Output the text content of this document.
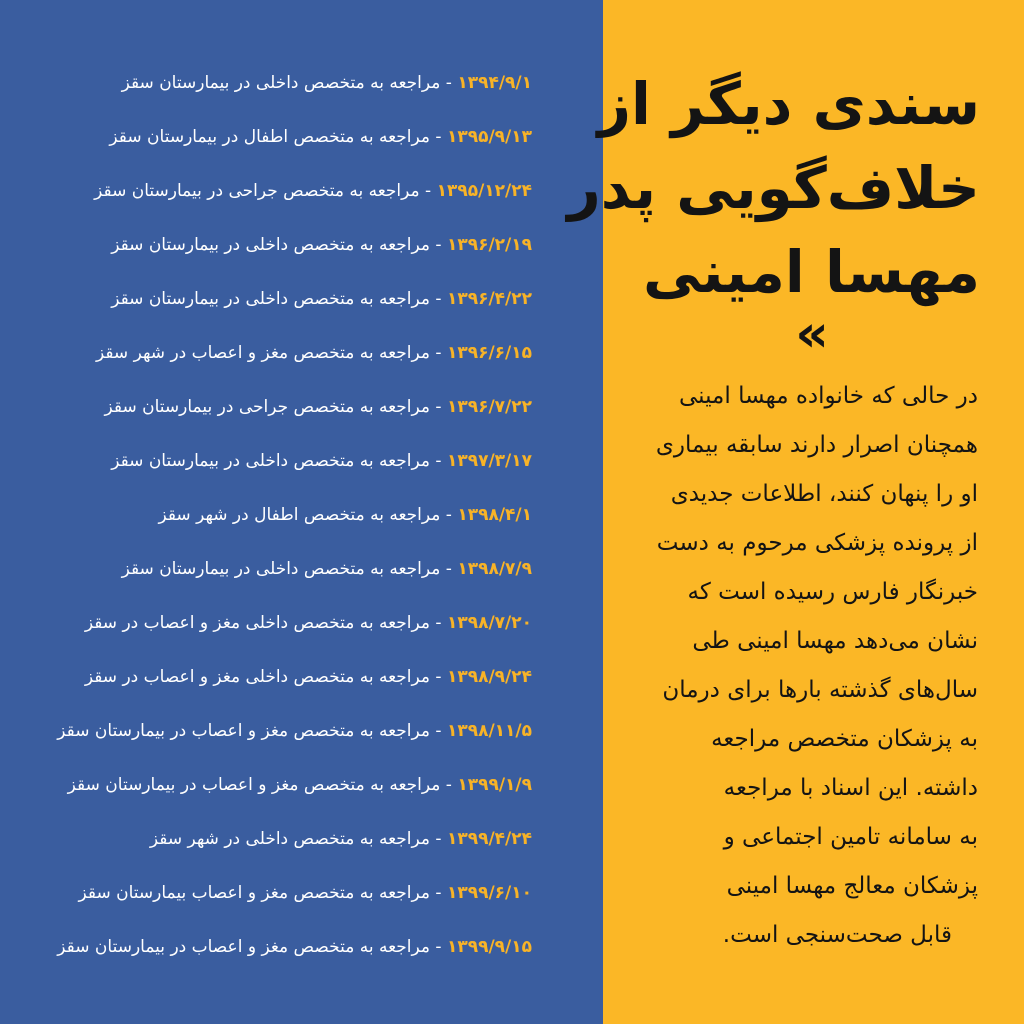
سندی دیگر از
خلاف‌گویی پدر
مهسا امینی
«
در حالی که خانواده مهسا امینی
همچنان اصرار دارند سابقه بیماری
او را پنهان کنند، اطلاعات جدیدی
از پرونده پزشکی مرحوم به دست
خبرنگار فارس رسیده است که
نشان می‌دهد مهسا امینی طی
سال‌های گذشته بارها برای درمان
به پزشکان متخصص مراجعه
داشته. این اسناد با مراجعه
به سامانه تامین اجتماعی و
پزشکان معالج مهسا امینی
قابل صحت‌سنجی است.
۱۳۹۴/۹/۱ - مراجعه به متخصص داخلی در بیمارستان سقز
۱۳۹۵/۹/۱۳ - مراجعه به متخصص اطفال در بیمارستان سقز
۱۳۹۵/۱۲/۲۴ - مراجعه به متخصص جراحی در بیمارستان سقز
۱۳۹۶/۲/۱۹ - مراجعه به متخصص داخلی در بیمارستان سقز
۱۳۹۶/۴/۲۲ - مراجعه به متخصص داخلی در بیمارستان سقز
۱۳۹۶/۶/۱۵ - مراجعه به متخصص مغز و اعصاب در شهر سقز
۱۳۹۶/۷/۲۲ - مراجعه به متخصص جراحی در بیمارستان سقز
۱۳۹۷/۳/۱۷ - مراجعه به متخصص داخلی در بیمارستان سقز
۱۳۹۸/۴/۱ - مراجعه به متخصص اطفال در شهر سقز
۱۳۹۸/۷/۹ - مراجعه به متخصص داخلی در بیمارستان سقز
۱۳۹۸/۷/۲۰ - مراجعه به متخصص داخلی مغز و اعصاب در سقز
۱۳۹۸/۹/۲۴ - مراجعه به متخصص داخلی مغز و اعصاب در سقز
۱۳۹۸/۱۱/۵ - مراجعه به متخصص مغز و اعصاب در بیمارستان سقز
۱۳۹۹/۱/۹ - مراجعه به متخصص مغز و اعصاب در بیمارستان سقز
۱۳۹۹/۴/۲۴ - مراجعه به متخصص داخلی در شهر سقز
۱۳۹۹/۶/۱۰ - مراجعه به متخصص مغز و اعصاب بیمارستان سقز
۱۳۹۹/۹/۱۵ - مراجعه به متخصص مغز و اعصاب در بیمارستان سقز
